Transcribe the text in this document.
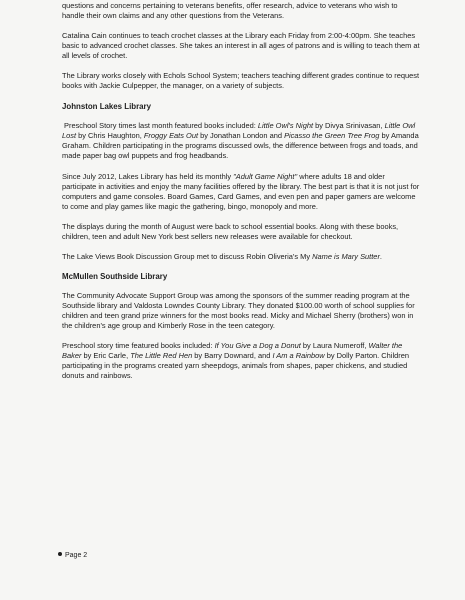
questions and concerns pertaining to veterans benefits, offer research, advice to veterans who wish to handle their own claims and any other questions from the Veterans.

Catalina Cain continues to teach crochet classes at the Library each Friday from 2:00-4:00pm. She teaches basic to advanced crochet classes. She takes an interest in all ages of patrons and is willing to teach them at all levels of crochet.

The Library works closely with Echols School System; teachers teaching different grades continue to request books with Jackie Culpepper, the manager, on a variety of subjects.

Johnston Lakes Library

Preschool Story times last month featured books included: Little Owl's Night by Divya Srinivasan, Little Owl Lost by Chris Haughton, Froggy Eats Out by Jonathan London and Picasso the Green Tree Frog by Amanda Graham. Children participating in the programs discussed owls, the difference between frogs and toads, and made paper bag owl puppets and frog headbands.

Since July 2012, Lakes Library has held its monthly "Adult Game Night" where adults 18 and older participate in activities and enjoy the many facilities offered by the library. The best part is that it is not just for computers and game consoles. Board Games, Card Games, and even pen and paper gamers are welcome to come and play games like magic the gathering, bingo, monopoly and more.

The displays during the month of August were back to school essential books. Along with these books, children, teen and adult New York best sellers new releases were available for checkout.

The Lake Views Book Discussion Group met to discuss Robin Oliveria's My Name is Mary Sutter.

McMullen Southside Library

The Community Advocate Support Group was among the sponsors of the summer reading program at the Southside library and Valdosta Lowndes County Library. They donated $100.00 worth of school supplies for children and teen grand prize winners for the most books read. Micky and Michael Sherry (brothers) won in the children's age group and Kimberly Rose in the teen category.

Preschool story time featured books included: If You Give a Dog a Donut by Laura Numeroff, Walter the Baker by Eric Carle, The Little Red Hen by Barry Downard, and I Am a Rainbow by Dolly Parton. Children participating in the programs created yarn sheepdogs, animals from shapes, paper chickens, and studied donuts and rainbows.

Page 2
